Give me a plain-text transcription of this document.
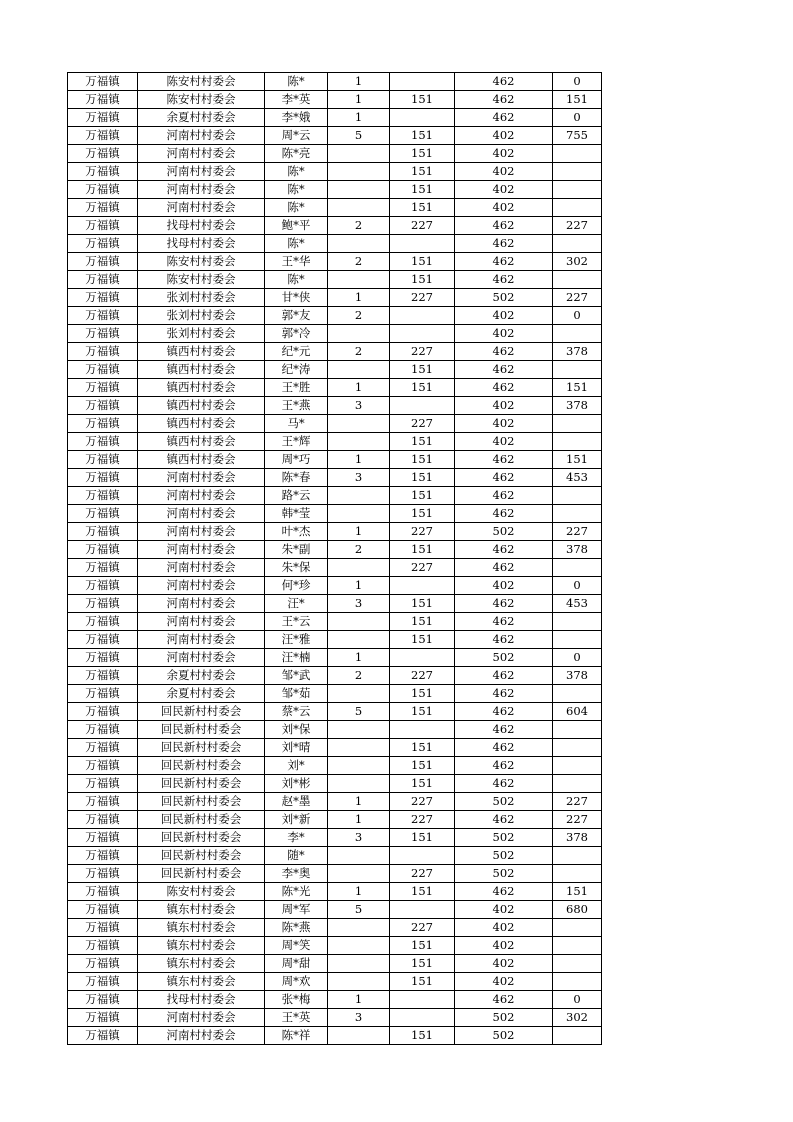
万福镇	陈安村村委会	陈*	1		462	0
万福镇	陈安村村委会	李*英	1	151	462	151
万福镇	余夏村村委会	李*娥	1		462	0
万福镇	河南村村委会	周*云	5	151	402	755
万福镇	河南村村委会	陈*亮		151	402	
万福镇	河南村村委会	陈*		151	402	
万福镇	河南村村委会	陈*		151	402	
万福镇	河南村村委会	陈*		151	402	
万福镇	找母村村委会	鲍*平	2	227	462	227
万福镇	找母村村委会	陈*			462	
万福镇	陈安村村委会	王*华	2	151	462	302
万福镇	陈安村村委会	陈*		151	462	
万福镇	张刘村村委会	甘*侠	1	227	502	227
万福镇	张刘村村委会	郭*友	2		402	0
万福镇	张刘村村委会	郭*冷			402	
万福镇	镇西村村委会	纪*元	2	227	462	378
万福镇	镇西村村委会	纪*涛		151	462	
万福镇	镇西村村委会	王*胜	1	151	462	151
万福镇	镇西村村委会	王*燕	3		402	378
万福镇	镇西村村委会	马*		227	402	
万福镇	镇西村村委会	王*辉		151	402	
万福镇	镇西村村委会	周*巧	1	151	462	151
万福镇	河南村村委会	陈*春	3	151	462	453
万福镇	河南村村委会	路*云		151	462	
万福镇	河南村村委会	韩*莹		151	462	
万福镇	河南村村委会	叶*杰	1	227	502	227
万福镇	河南村村委会	朱*副	2	151	462	378
万福镇	河南村村委会	朱*保		227	462	
万福镇	河南村村委会	何*珍	1		402	0
万福镇	河南村村委会	汪*	3	151	462	453
万福镇	河南村村委会	王*云		151	462	
万福镇	河南村村委会	汪*雅		151	462	
万福镇	河南村村委会	汪*楠	1		502	0
万福镇	余夏村村委会	邹*武	2	227	462	378
万福镇	余夏村村委会	邹*茹		151	462	
万福镇	回民新村村委会	蔡*云	5	151	462	604
万福镇	回民新村村委会	刘*保			462	
万福镇	回民新村村委会	刘*晴		151	462	
万福镇	回民新村村委会	刘*		151	462	
万福镇	回民新村村委会	刘*彬		151	462	
万福镇	回民新村村委会	赵*墨	1	227	502	227
万福镇	回民新村村委会	刘*新	1	227	462	227
万福镇	回民新村村委会	李*	3	151	502	378
万福镇	回民新村村委会	随*			502	
万福镇	回民新村村委会	李*奥		227	502	
万福镇	陈安村村委会	陈*光	1	151	462	151
万福镇	镇东村村委会	周*军	5		402	680
万福镇	镇东村村委会	陈*燕		227	402	
万福镇	镇东村村委会	周*笑		151	402	
万福镇	镇东村村委会	周*甜		151	402	
万福镇	镇东村村委会	周*欢		151	402	
万福镇	找母村村委会	张*梅	1		462	0
万福镇	河南村村委会	王*英	3		502	302
万福镇	河南村村委会	陈*祥		151	502	
